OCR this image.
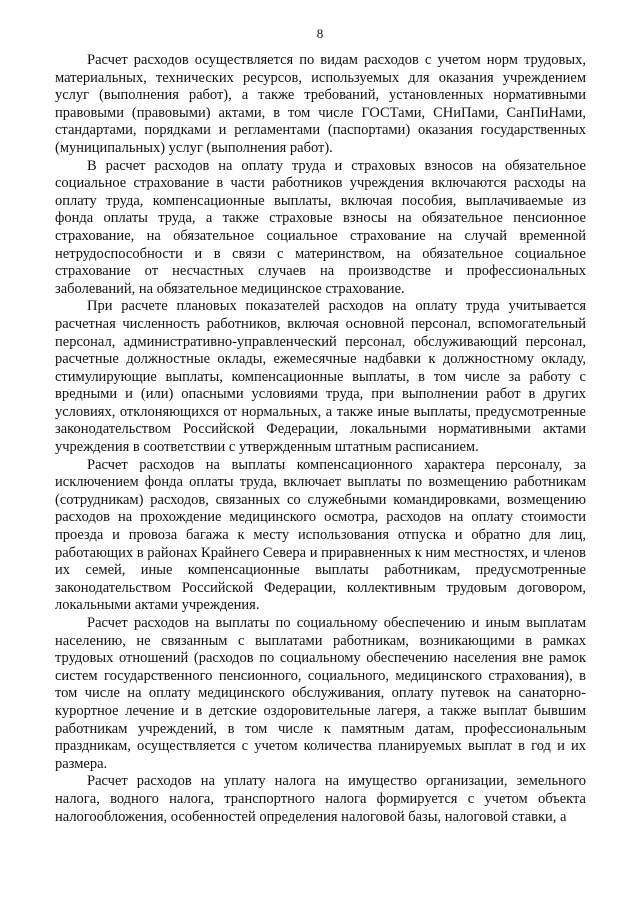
8

Расчет расходов осуществляется по видам расходов с учетом норм трудовых, материальных, технических ресурсов, используемых для оказания учреждением услуг (выполнения работ), а также требований, установленных нормативными правовыми (правовыми) актами, в том числе ГОСТами, СНиПами, СанПиНами, стандартами, порядками и регламентами (паспортами) оказания государственных (муниципальных) услуг (выполнения работ).

В расчет расходов на оплату труда и страховых взносов на обязательное социальное страхование в части работников учреждения включаются расходы на оплату труда, компенсационные выплаты, включая пособия, выплачиваемые из фонда оплаты труда, а также страховые взносы на обязательное пенсионное страхование, на обязательное социальное страхование на случай временной нетрудоспособности и в связи с материнством, на обязательное социальное страхование от несчастных случаев на производстве и профессиональных заболеваний, на обязательное медицинское страхование.

При расчете плановых показателей расходов на оплату труда учитывается расчетная численность работников, включая основной персонал, вспомогательный персонал, административно-управленческий персонал, обслуживающий персонал, расчетные должностные оклады, ежемесячные надбавки к должностному окладу, стимулирующие выплаты, компенсационные выплаты, в том числе за работу с вредными и (или) опасными условиями труда, при выполнении работ в других условиях, отклоняющихся от нормальных, а также иные выплаты, предусмотренные законодательством Российской Федерации, локальными нормативными актами учреждения в соответствии с утвержденным штатным расписанием.

Расчет расходов на выплаты компенсационного характера персоналу, за исключением фонда оплаты труда, включает выплаты по возмещению работникам (сотрудникам) расходов, связанных со служебными командировками, возмещению расходов на прохождение медицинского осмотра, расходов на оплату стоимости проезда и провоза багажа к месту использования отпуска и обратно для лиц, работающих в районах Крайнего Севера и приравненных к ним местностях, и членов их семей, иные компенсационные выплаты работникам, предусмотренные законодательством Российской Федерации, коллективным трудовым договором, локальными актами учреждения.

Расчет расходов на выплаты по социальному обеспечению и иным выплатам населению, не связанным с выплатами работникам, возникающими в рамках трудовых отношений (расходов по социальному обеспечению населения вне рамок систем государственного пенсионного, социального, медицинского страхования), в том числе на оплату медицинского обслуживания, оплату путевок на санаторно-курортное лечение и в детские оздоровительные лагеря, а также выплат бывшим работникам учреждений, в том числе к памятным датам, профессиональным праздникам, осуществляется с учетом количества планируемых выплат в год и их размера.

Расчет расходов на уплату налога на имущество организации, земельного налога, водного налога, транспортного налога формируется с учетом объекта налогообложения, особенностей определения налоговой базы, налоговой ставки, а
